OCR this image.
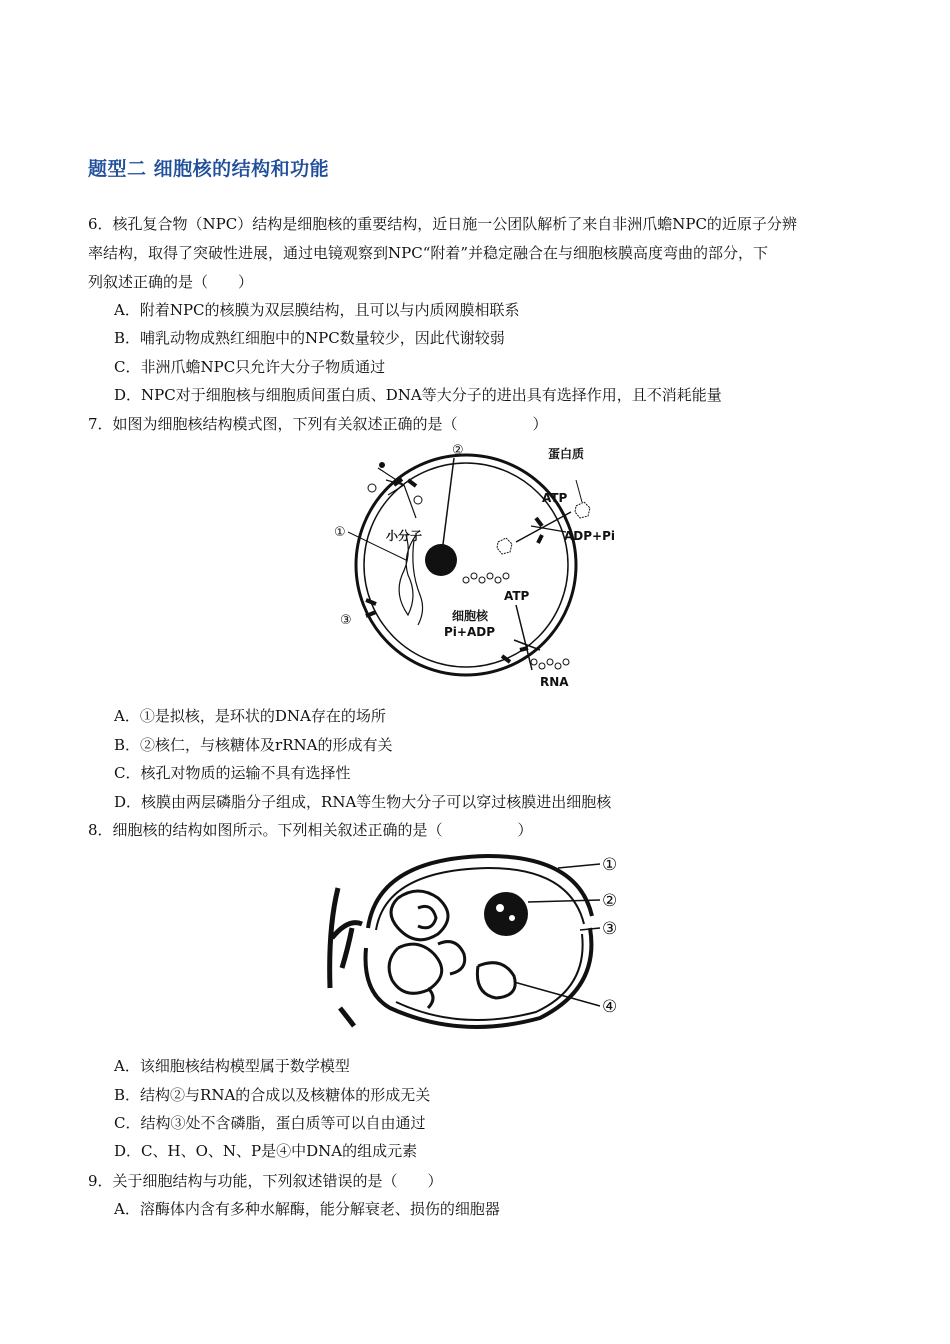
题型二 细胞核的结构和功能
6．核孔复合物（NPC）结构是细胞核的重要结构，近日施一公团队解析了来自非洲爪蟾NPC的近原子分辨
率结构，取得了突破性进展，通过电镜观察到NPC“附着”并稳定融合在与细胞核膜高度弯曲的部分，下
列叙述正确的是（　　）
A．附着NPC的核膜为双层膜结构，且可以与内质网膜相联系
B．哺乳动物成熟红细胞中的NPC数量较少，因此代谢较弱
C．非洲爪蟾NPC只允许大分子物质通过
D．NPC对于细胞核与细胞质间蛋白质、DNA等大分子的进出具有选择作用，且不消耗能量
7．如图为细胞核结构模式图，下列有关叙述正确的是（　　　　　）
②
①
③
蛋白质
ATP
ADP+Pi
小分子
ATP
细胞核
Pi+ADP
RNA
A．①是拟核，是环状的DNA存在的场所
B．②核仁，与核糖体及rRNA的形成有关
C．核孔对物质的运输不具有选择性
D．核膜由两层磷脂分子组成，RNA等生物大分子可以穿过核膜进出细胞核
8．细胞核的结构如图所示。下列相关叙述正确的是（　　　　　）
①
②
③
④
A．该细胞核结构模型属于数学模型
B．结构②与RNA的合成以及核糖体的形成无关
C．结构③处不含磷脂，蛋白质等可以自由通过
D．C、H、O、N、P是④中DNA的组成元素
9．关于细胞结构与功能，下列叙述错误的是（　　）
A．溶酶体内含有多种水解酶，能分解衰老、损伤的细胞器
